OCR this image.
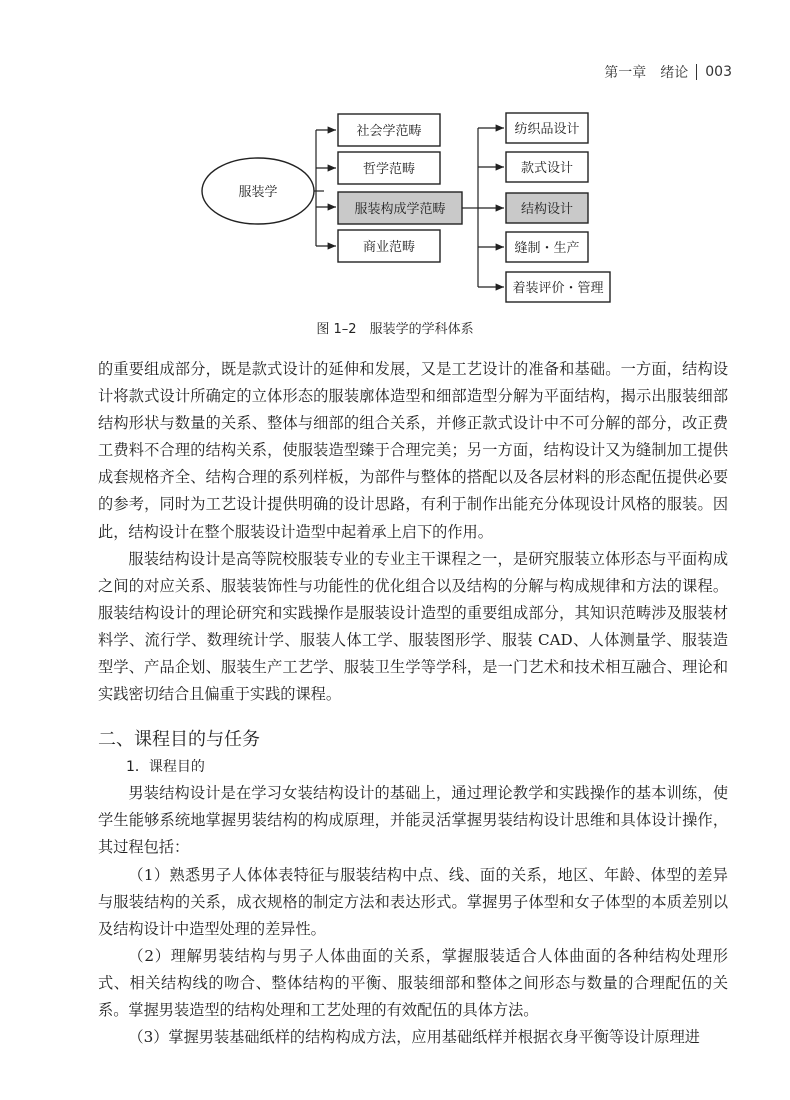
第一章　绪论 003
服装学
社会学范畴
哲学范畴
服装构成学范畴
商业范畴
纺织品设计
款式设计
结构设计
缝制・生产
着装评价・管理
图 1–2　服装学的学科体系

的重要组成部分，既是款式设计的延伸和发展，又是工艺设计的准备和基础。一方面，结构设计将款式设计所确定的立体形态的服装廓体造型和细部造型分解为平面结构，揭示出服装细部结构形状与数量的关系、整体与细部的组合关系，并修正款式设计中不可分解的部分，改正费工费料不合理的结构关系，使服装造型臻于合理完美；另一方面，结构设计又为缝制加工提供成套规格齐全、结构合理的系列样板，为部件与整体的搭配以及各层材料的形态配伍提供必要的参考，同时为工艺设计提供明确的设计思路，有利于制作出能充分体现设计风格的服装。因此，结构设计在整个服装设计造型中起着承上启下的作用。

服装结构设计是高等院校服装专业的专业主干课程之一，是研究服装立体形态与平面构成之间的对应关系、服装装饰性与功能性的优化组合以及结构的分解与构成规律和方法的课程。服装结构设计的理论研究和实践操作是服装设计造型的重要组成部分，其知识范畴涉及服装材料学、流行学、数理统计学、服装人体工学、服装图形学、服装 CAD、人体测量学、服装造型学、产品企划、服装生产工艺学、服装卫生学等学科，是一门艺术和技术相互融合、理论和实践密切结合且偏重于实践的课程。

二、课程目的与任务

1．课程目的

男装结构设计是在学习女装结构设计的基础上，通过理论教学和实践操作的基本训练，使学生能够系统地掌握男装结构的构成原理，并能灵活掌握男装结构设计思维和具体设计操作，其过程包括：

（1）熟悉男子人体体表特征与服装结构中点、线、面的关系，地区、年龄、体型的差异与服装结构的关系，成衣规格的制定方法和表达形式。掌握男子体型和女子体型的本质差别以及结构设计中造型处理的差异性。

（2）理解男装结构与男子人体曲面的关系，掌握服装适合人体曲面的各种结构处理形式、相关结构线的吻合、整体结构的平衡、服装细部和整体之间形态与数量的合理配伍的关系。掌握男装造型的结构处理和工艺处理的有效配伍的具体方法。

（3）掌握男装基础纸样的结构构成方法，应用基础纸样并根据衣身平衡等设计原理进
